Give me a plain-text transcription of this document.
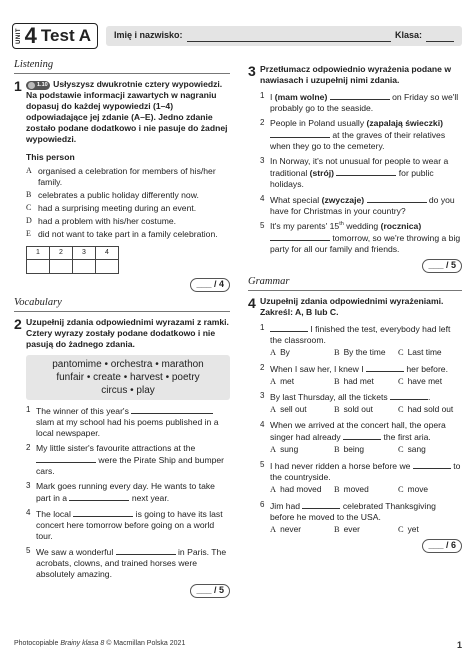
UNIT 4 Test A	Imię i nazwisko:	Klasa:
Listening
1	1.10 Usłyszysz dwukrotnie cztery wypowiedzi. Na podstawie informacji zawartych w nagraniu dopasuj do każdej wypowiedzi (1–4) odpowiadające jej zdanie (A–E). Jedno zdanie zostało podane dodatkowo i nie pasuje do żadnej wypowiedzi.
This person
A organised a celebration for members of his/her family.
B celebrates a public holiday differently now.
C had a surprising meeting during an event.
D had a problem with his/her costume.
E did not want to take part in a family celebration.
1	2	3	4
___ / 4
Vocabulary
2 Uzupełnij zdania odpowiednimi wyrazami z ramki. Cztery wyrazy zostały podane dodatkowo i nie pasują do żadnego zdania.
pantomime • orchestra • marathon
funfair • create • harvest • poetry
circus • play
1 The winner of this year's  slam at my school had his poems published in a local newspaper.
2 My little sister's favourite attractions at the  were the Pirate Ship and bumper cars.
3 Mark goes running every day. He wants to take part in a	next year.
4 The local	is going to have its last concert here tomorrow before going on a world tour.
5 We saw a wonderful	in Paris. The acrobats, clowns, and trained horses were absolutely amazing.
___ / 5
3 Przetłumacz odpowiednio wyrażenia podane w nawiasach i uzupełnij nimi zdania.
1 I (mam wolne)	on Friday so we'll probably go to the seaside.
2 People in Poland usually (zapalają świeczki)  at the graves of their relatives when they go to the cemetery.
3 In Norway, it's not unusual for people to wear a traditional (strój)	for public holidays.
4 What special (zwyczaje)	do you have for Christmas in your country?
5 It's my parents' 15th wedding (rocznica)  tomorrow, so we're throwing a big party for all our family and friends.
___ / 5
Grammar
4 Uzupełnij zdania odpowiednimi wyrażeniami. Zakreśl: A, B lub C.
1	I finished the test, everybody had left the classroom.
A By	B By the time	C Last time
2 When I saw her, I knew I	her before.
A met	B had met	C have met
3 By last Thursday, all the tickets	.
A sell out	B sold out	C had sold out
4 When we arrived at the concert hall, the opera singer had already	the first aria.
A sung	B being	C sang
5 I had never ridden a horse before we	to the countryside.
A had moved	B moved	C move
6 Jim had	celebrated Thanksgiving before he moved to the USA.
A never	B ever	C yet
___ / 6
Photocopiable Brainy klasa 8 © Macmillan Polska 2021	1
